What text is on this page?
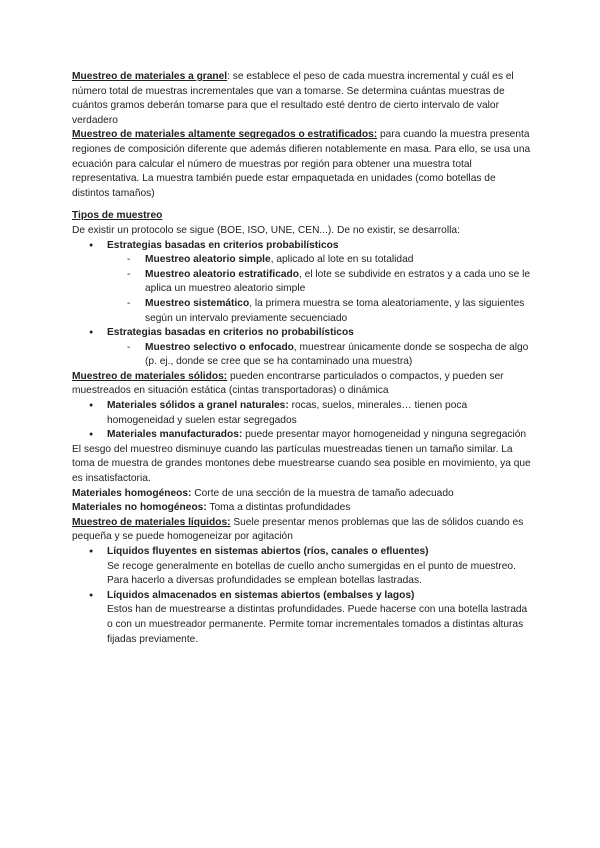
Muestreo de materiales a granel: se establece el peso de cada muestra incremental y cuál es el número total de muestras incrementales que van a tomarse. Se determina cuántas muestras de cuántos gramos deberán tomarse para que el resultado esté dentro de cierto intervalo de valor verdadero

Muestreo de materiales altamente segregados o estratificados: para cuando la muestra presenta regiones de composición diferente que además difieren notablemente en masa. Para ello, se usa una ecuación para calcular el número de muestras por región para obtener una muestra total representativa. La muestra también puede estar empaquetada en unidades (como botellas de distintos tamaños)

Tipos de muestreo

De existir un protocolo se sigue (BOE, ISO, UNE, CEN...). De no existir, se desarrolla:

● Estrategias basadas en criterios probabilísticos
- Muestreo aleatorio simple, aplicado al lote en su totalidad
- Muestreo aleatorio estratificado, el lote se subdivide en estratos y a cada uno se le aplica un muestreo aleatorio simple
- Muestreo sistemático, la primera muestra se toma aleatoriamente, y las siguientes según un intervalo previamente secuenciado
● Estrategias basadas en criterios no probabilísticos
- Muestreo selectivo o enfocado, muestrear únicamente donde se sospecha de algo (p. ej., donde se cree que se ha contaminado una muestra)

Muestreo de materiales sólidos: pueden encontrarse particulados o compactos, y pueden ser muestreados en situación estática (cintas transportadoras) o dinámica

● Materiales sólidos a granel naturales: rocas, suelos, minerales… tienen poca homogeneidad y suelen estar segregados
● Materiales manufacturados: puede presentar mayor homogeneidad y ninguna segregación

El sesgo del muestreo disminuye cuando las partículas muestreadas tienen un tamaño similar. La toma de muestra de grandes montones debe muestrearse cuando sea posible en movimiento, ya que es insatisfactoria.

Materiales homogéneos: Corte de una sección de la muestra de tamaño adecuado

Materiales no homogéneos: Toma a distintas profundidades

Muestreo de materiales líquidos: Suele presentar menos problemas que las de sólidos cuando es pequeña y se puede homogeneizar por agitación

● Líquidos fluyentes en sistemas abiertos (ríos, canales o efluentes)
Se recoge generalmente en botellas de cuello ancho sumergidas en el punto de muestreo. Para hacerlo a diversas profundidades se emplean botellas lastradas.
● Líquidos almacenados en sistemas abiertos (embalses y lagos)
Estos han de muestrearse a distintas profundidades. Puede hacerse con una botella lastrada o con un muestreador permanente. Permite tomar incrementales tomados a distintas alturas fijadas previamente.
